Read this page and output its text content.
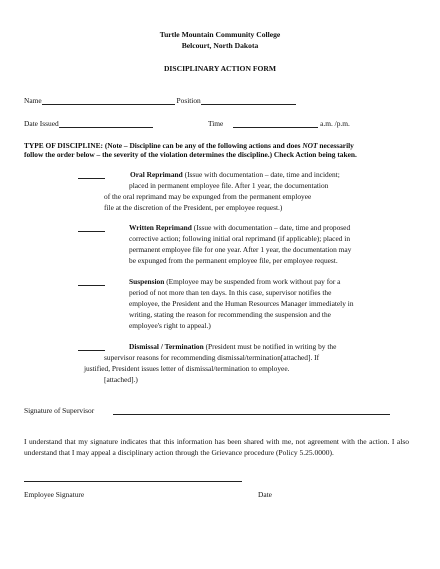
Turtle Mountain Community College
Belcourt, North Dakota
DISCIPLINARY ACTION FORM
Name	Position
Date Issued	Time	a.m. /p.m.
TYPE OF DISCIPLINE: (Note – Discipline can be any of the following actions and does NOT necessarily
follow the order below – the severity of the violation determines the discipline.) Check Action being taken.
Oral Reprimand (Issue with documentation – date, time and incident;
placed in permanent employee file. After 1 year, the documentation
of the oral reprimand may be expunged from the permanent employee
file at the discretion of the President, per employee request.)
Written Reprimand (Issue with documentation – date, time and proposed
corrective action; following initial oral reprimand (if applicable); placed in
permanent employee file for one year. After 1 year, the documentation may
be expunged from the permanent employee file, per employee request.
Suspension (Employee may be suspended from work without pay for a
period of not more than ten days. In this case, supervisor notifies the
employee, the President and the Human Resources Manager immediately in
writing, stating the reason for recommending the suspension and the
employee's right to appeal.)
Dismissal / Termination (President must be notified in writing by the
supervisor reasons for recommending dismissal/termination[attached]. If
justified, President issues letter of dismissal/termination to employee.
[attached].)
Signature of Supervisor
I understand that my signature indicates that this information has been shared with me, not agreement with the action. I also understand that I may appeal a disciplinary action through the Grievance procedure (Policy 5.25.0000).
Employee Signature	Date
